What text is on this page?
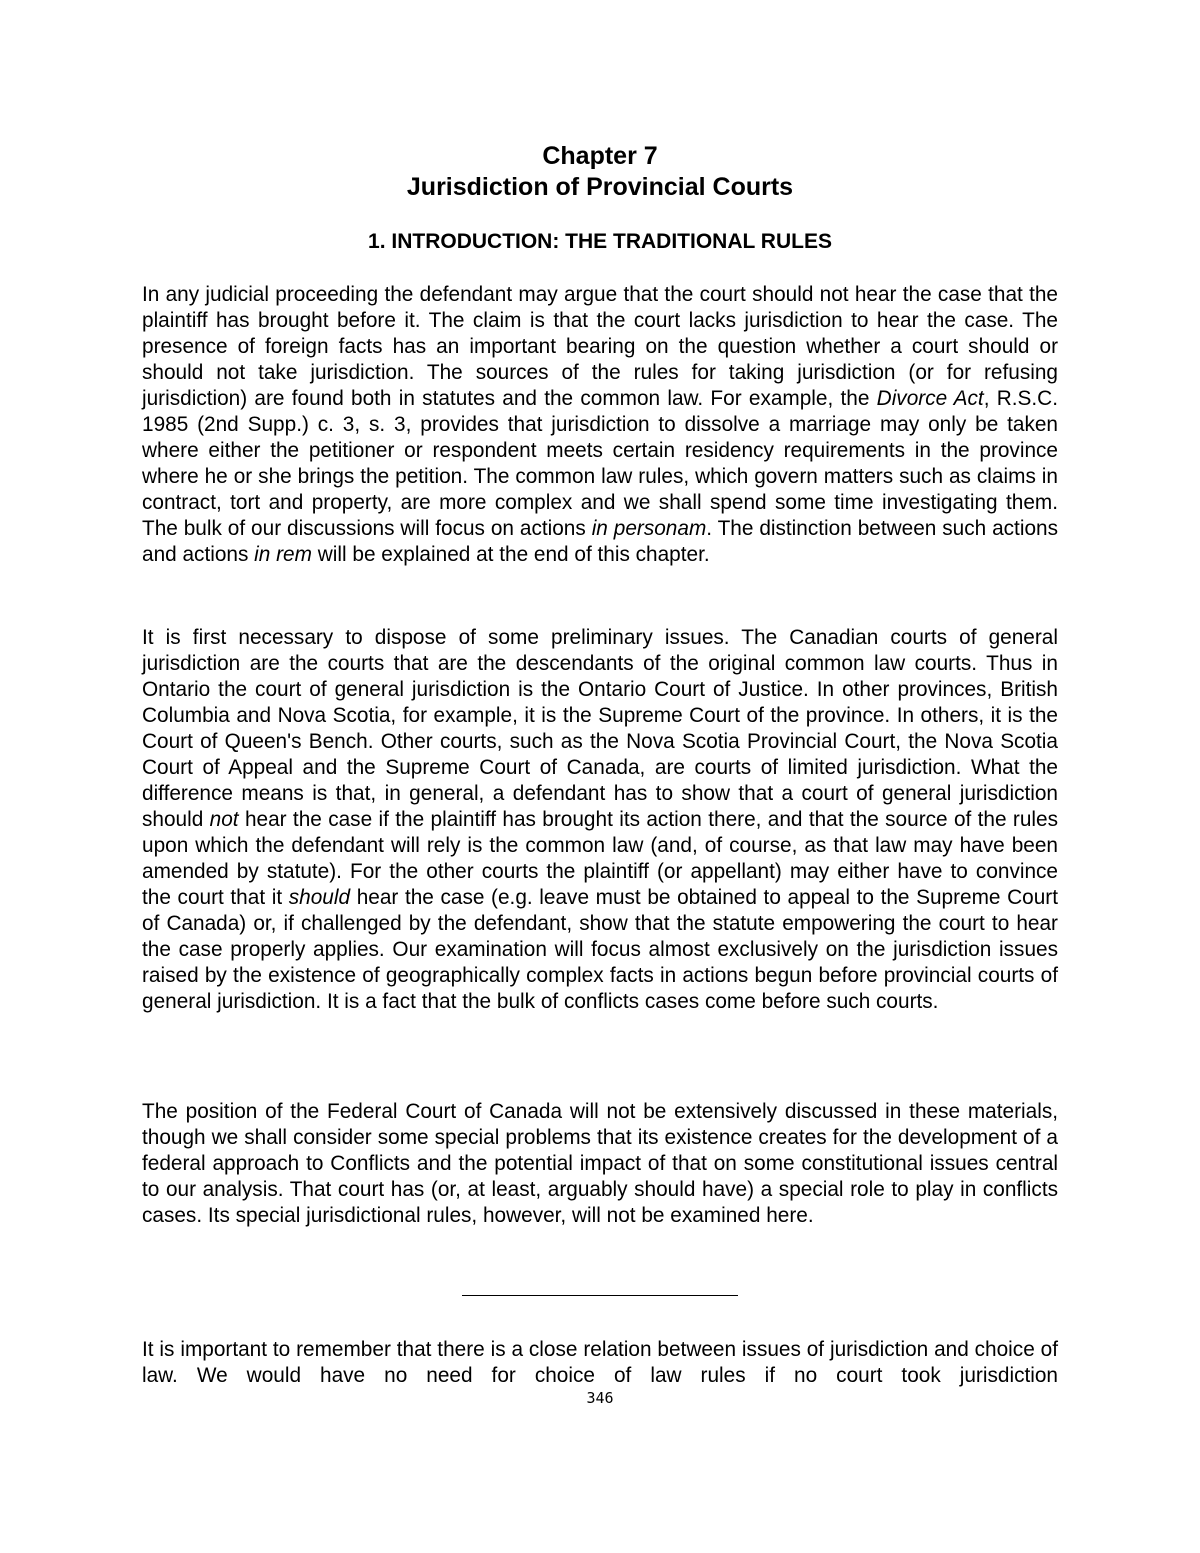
Chapter 7
Jurisdiction of Provincial Courts
1. INTRODUCTION: THE TRADITIONAL RULES

In any judicial proceeding the defendant may argue that the court should not hear the case that the plaintiff has brought before it. The claim is that the court lacks jurisdiction to hear the case. The presence of foreign facts has an important bearing on the question whether a court should or should not take jurisdiction. The sources of the rules for taking jurisdiction (or for refusing jurisdiction) are found both in statutes and the common law. For example, the Divorce Act, R.S.C. 1985 (2nd Supp.) c. 3, s. 3, provides that jurisdiction to dissolve a marriage may only be taken where either the petitioner or respondent meets certain residency requirements in the province where he or she brings the petition. The common law rules, which govern matters such as claims in contract, tort and property, are more complex and we shall spend some time investigating them. The bulk of our discussions will focus on actions in personam. The distinction between such actions and actions in rem will be explained at the end of this chapter.

It is first necessary to dispose of some preliminary issues. The Canadian courts of general jurisdiction are the courts that are the descendants of the original common law courts. Thus in Ontario the court of general jurisdiction is the Ontario Court of Justice. In other provinces, British Columbia and Nova Scotia, for example, it is the Supreme Court of the province. In others, it is the Court of Queen's Bench. Other courts, such as the Nova Scotia Provincial Court, the Nova Scotia Court of Appeal and the Supreme Court of Canada, are courts of limited jurisdiction. What the difference means is that, in general, a defendant has to show that a court of general jurisdiction should not hear the case if the plaintiff has brought its action there, and that the source of the rules upon which the defendant will rely is the common law (and, of course, as that law may have been amended by statute). For the other courts the plaintiff (or appellant) may either have to convince the court that it should hear the case (e.g. leave must be obtained to appeal to the Supreme Court of Canada) or, if challenged by the defendant, show that the statute empowering the court to hear the case properly applies. Our examination will focus almost exclusively on the jurisdiction issues raised by the existence of geographically complex facts in actions begun before provincial courts of general jurisdiction. It is a fact that the bulk of conflicts cases come before such courts.

The position of the Federal Court of Canada will not be extensively discussed in these materials, though we shall consider some special problems that its existence creates for the development of a federal approach to Conflicts and the potential impact of that on some constitutional issues central to our analysis. That court has (or, at least, arguably should have) a special role to play in conflicts cases. Its special jurisdictional rules, however, will not be examined here.

It is important to remember that there is a close relation between issues of jurisdiction and choice of law. We would have no need for choice of law rules if no court took jurisdiction

346
